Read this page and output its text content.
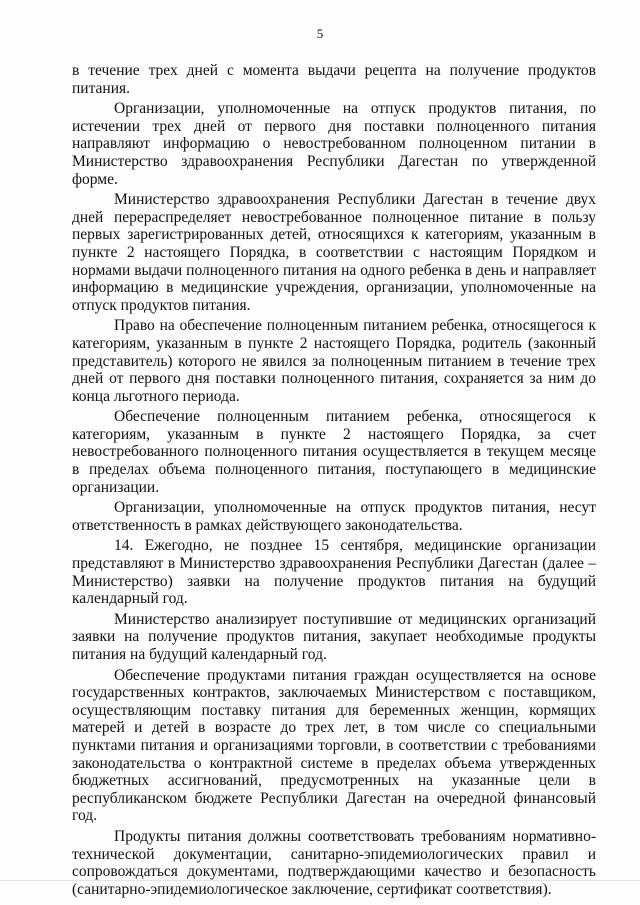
5

в течение трех дней с момента выдачи рецепта на получение продуктов питания.

Организации, уполномоченные на отпуск продуктов питания, по истечении трех дней от первого дня поставки полноценного питания направляют информацию о невостребованном полноценном питании в Министерство здравоохранения Республики Дагестан по утвержденной форме.

Министерство здравоохранения Республики Дагестан в течение двух дней перераспределяет невостребованное полноценное питание в пользу первых зарегистрированных детей, относящихся к категориям, указанным в пункте 2 настоящего Порядка, в соответствии с настоящим Порядком и нормами выдачи полноценного питания на одного ребенка в день и направляет информацию в медицинские учреждения, организации, уполномоченные на отпуск продуктов питания.

Право на обеспечение полноценным питанием ребенка, относящегося к категориям, указанным в пункте 2 настоящего Порядка, родитель (законный представитель) которого не явился за полноценным питанием в течение трех дней от первого дня поставки полноценного питания, сохраняется за ним до конца льготного периода.

Обеспечение полноценным питанием ребенка, относящегося к категориям, указанным в пункте 2 настоящего Порядка, за счет невостребованного полноценного питания осуществляется в текущем месяце в пределах объема полноценного питания, поступающего в медицинские организации.

Организации, уполномоченные на отпуск продуктов питания, несут ответственность в рамках действующего законодательства.

14. Ежегодно, не позднее 15 сентября, медицинские организации представляют в Министерство здравоохранения Республики Дагестан (далее – Министерство) заявки на получение продуктов питания на будущий календарный год.

Министерство анализирует поступившие от медицинских организаций заявки на получение продуктов питания, закупает необходимые продукты питания на будущий календарный год.

Обеспечение продуктами питания граждан осуществляется на основе государственных контрактов, заключаемых Министерством с поставщиком, осуществляющим поставку питания для беременных женщин, кормящих матерей и детей в возрасте до трех лет, в том числе со специальными пунктами питания и организациями торговли, в соответствии с требованиями законодательства о контрактной системе в пределах объема утвержденных бюджетных ассигнований, предусмотренных на указанные цели в республиканском бюджете Республики Дагестан на очередной финансовый год.

Продукты питания должны соответствовать требованиям нормативно-технической документации, санитарно-эпидемиологических правил и сопровождаться документами, подтверждающими качество и безопасность (санитарно-эпидемиологическое заключение, сертификат соответствия).
